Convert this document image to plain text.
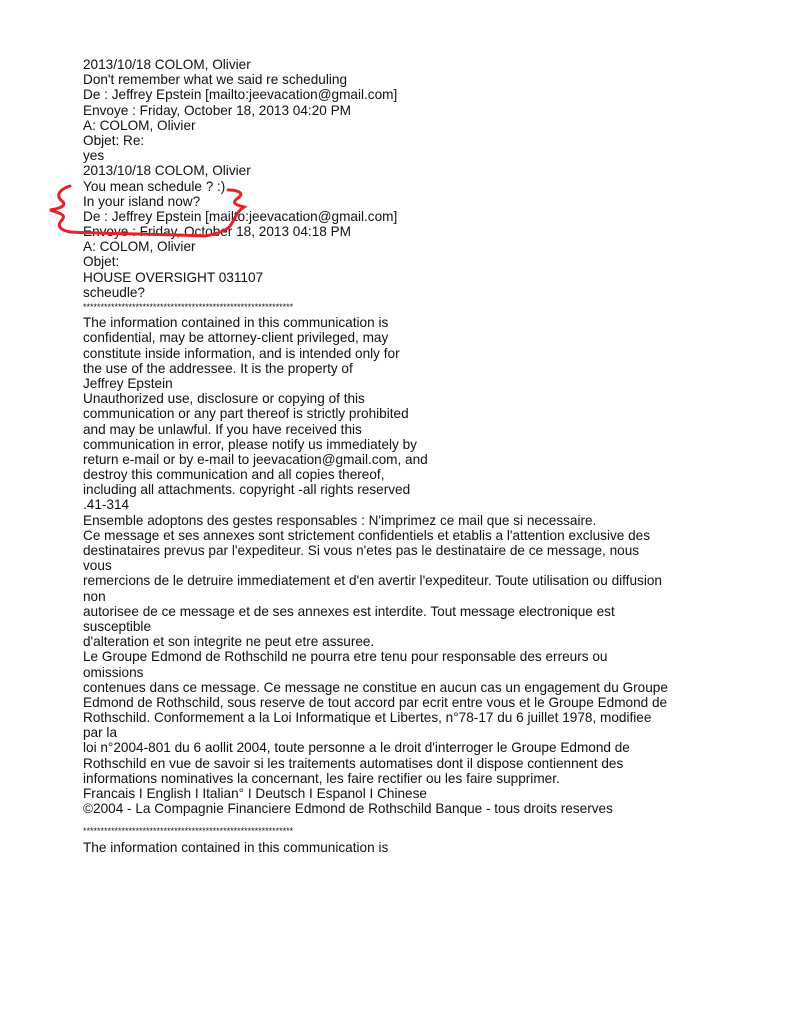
2013/10/18 COLOM, Olivier
Don't remember what we said re scheduling
De : Jeffrey Epstein [mailto:jeevacation@gmail.com]
Envoye : Friday, October 18, 2013 04:20 PM
A: COLOM, Olivier
Objet: Re:
yes
2013/10/18 COLOM, Olivier
You mean schedule ? :)
In your island now?
De : Jeffrey Epstein [mailto:jeevacation@gmail.com]
Envoye : Friday, October 18, 2013 04:18 PM
A: COLOM, Olivier
Objet:
HOUSE OVERSIGHT 031107
scheudle?
************************************************************
The information contained in this communication is
confidential, may be attorney-client privileged, may
constitute inside information, and is intended only for
the use of the addressee. It is the property of
Jeffrey Epstein
Unauthorized use, disclosure or copying of this
communication or any part thereof is strictly prohibited
and may be unlawful. If you have received this
communication in error, please notify us immediately by
return e-mail or by e-mail to jeevacation@gmail.com, and
destroy this communication and all copies thereof,
including all attachments. copyright -all rights reserved
.41-314
Ensemble adoptons des gestes responsables : N'imprimez ce mail que si necessaire.
Ce message et ses annexes sont strictement confidentiels et etablis a l'attention exclusive des
destinataires prevus par l'expediteur. Si vous n'etes pas le destinataire de ce message, nous
vous
remercions de le detruire immediatement et d'en avertir l'expediteur. Toute utilisation ou diffusion
non
autorisee de ce message et de ses annexes est interdite. Tout message electronique est
susceptible
d'alteration et son integrite ne peut etre assuree.
Le Groupe Edmond de Rothschild ne pourra etre tenu pour responsable des erreurs ou
omissions
contenues dans ce message. Ce message ne constitue en aucun cas un engagement du Groupe
Edmond de Rothschild, sous reserve de tout accord par ecrit entre vous et le Groupe Edmond de
Rothschild. Conformement a la Loi Informatique et Libertes, n°78-17 du 6 juillet 1978, modifiee
par la
loi n°2004-801 du 6 aollit 2004, toute personne a le droit d'interroger le Groupe Edmond de
Rothschild en vue de savoir si les traitements automatises dont il dispose contiennent des
informations nominatives la concernant, les faire rectifier ou les faire supprimer.
Francais I English I Italian° I Deutsch I Espanol I Chinese
©2004 - La Compagnie Financiere Edmond de Rothschild Banque - tous droits reserves
************************************************************
The information contained in this communication is
